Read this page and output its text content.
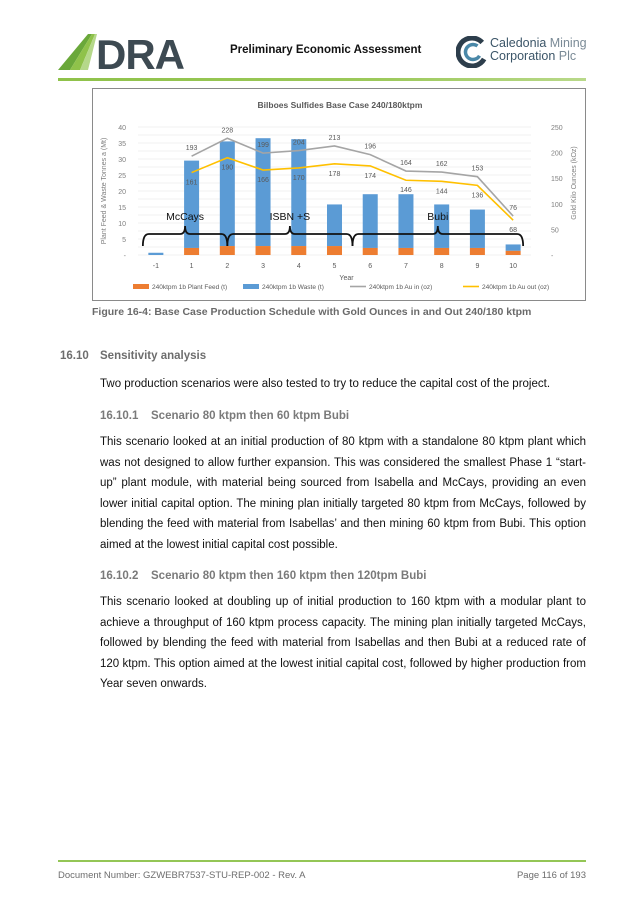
DRA	Preliminary Economic Assessment	Caledonia Mining
Corporation Plc
Bilboes Sulfides Base Case 240/180ktpm
-
5
10
15
20
25
30
35
40
-
50
100
150
200
250
Plant Feed & Waste Tonnes a (Mt)	Gold Kilo Ounces (kOz)
-1	1	2	3	4	5	6	7	8	9	10
Year
193
228
199	204
213
196
164	162
153
76
161
190
166	170
178	174
146	144
136
68
McCays	ISBN +S	Bubi
240ktpm 1b Plant Feed (t)	240ktpm 1b Waste (t)	240ktpm 1b Au in (oz)	240ktpm 1b Au out (oz)
Figure 16-4: Base Case Production Schedule with Gold Ounces in and Out 240/180 ktpm
16.10 Sensitivity analysis
Two production scenarios were also tested to try to reduce the capital cost of the project.
16.10.1 Scenario 80 ktpm then 60 ktpm Bubi
This scenario looked at an initial production of 80 ktpm with a standalone 80 ktpm plant which was not designed to allow further expansion. This was considered the smallest Phase 1 “start-up” plant module, with material being sourced from Isabella and McCays, providing an even lower initial capital option. The mining plan initially targeted 80 ktpm from McCays, followed by blending the feed with material from Isabellas’ and then mining 60 ktpm from Bubi. This option aimed at the lowest initial capital cost possible.
16.10.2 Scenario 80 ktpm then 160 ktpm then 120tpm Bubi
This scenario looked at doubling up of initial production to 160 ktpm with a modular plant to achieve a throughput of 160 ktpm process capacity. The mining plan initially targeted McCays, followed by blending the feed with material from Isabellas and then Bubi at a reduced rate of 120 ktpm. This option aimed at the lowest initial capital cost, followed by higher production from Year seven onwards.
Document Number: GZWEBR7537-STU-REP-002 - Rev. A	Page 116 of 193
